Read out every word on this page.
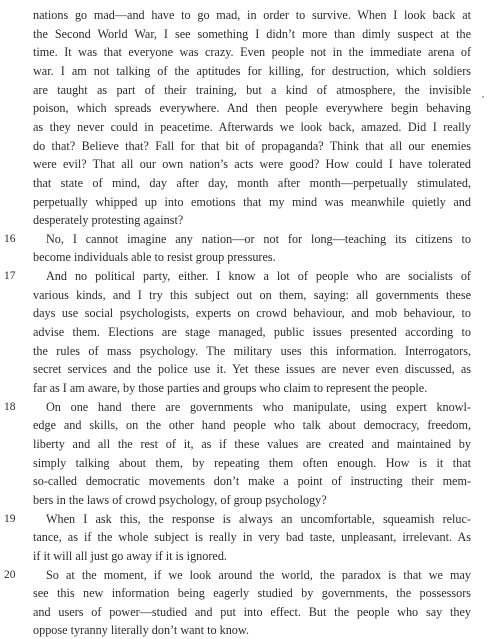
nations go mad—and have to go mad, in order to survive. When I look back at
the Second World War, I see something I didn’t more than dimly suspect at the
time. It was that everyone was crazy. Even people not in the immediate arena of
war. I am not talking of the aptitudes for killing, for destruction, which soldiers
are taught as part of their training, but a kind of atmosphere, the invisible
poison, which spreads everywhere. And then people everywhere begin behaving
as they never could in peacetime. Afterwards we look back, amazed. Did I really
do that? Believe that? Fall for that bit of propaganda? Think that all our enemies
were evil? That all our own nation’s acts were good? How could I have tolerated
that state of mind, day after day, month after month—perpetually stimulated,
perpetually whipped up into emotions that my mind was meanwhile quietly and
desperately protesting against?
16	No, I cannot imagine any nation—or not for long—teaching its citizens to
become individuals able to resist group pressures.
17	And no political party, either. I know a lot of people who are socialists of
various kinds, and I try this subject out on them, saying: all governments these
days use social psychologists, experts on crowd behaviour, and mob behaviour, to
advise them. Elections are stage managed, public issues presented according to
the rules of mass psychology. The military uses this information. Interrogators,
secret services and the police use it. Yet these issues are never even discussed, as
far as I am aware, by those parties and groups who claim to represent the people.
18	On one hand there are governments who manipulate, using expert knowl-
edge and skills, on the other hand people who talk about democracy, freedom,
liberty and all the rest of it, as if these values are created and maintained by
simply talking about them, by repeating them often enough. How is it that
so-called democratic movements don’t make a point of instructing their mem-
bers in the laws of crowd psychology, of group psychology?
19	When I ask this, the response is always an uncomfortable, squeamish reluc-
tance, as if the whole subject is really in very bad taste, unpleasant, irrelevant. As
if it will all just go away if it is ignored.
20	So at the moment, if we look around the world, the paradox is that we may
see this new information being eagerly studied by governments, the possessors
and users of power—studied and put into effect. But the people who say they
oppose tyranny literally don’t want to know.
